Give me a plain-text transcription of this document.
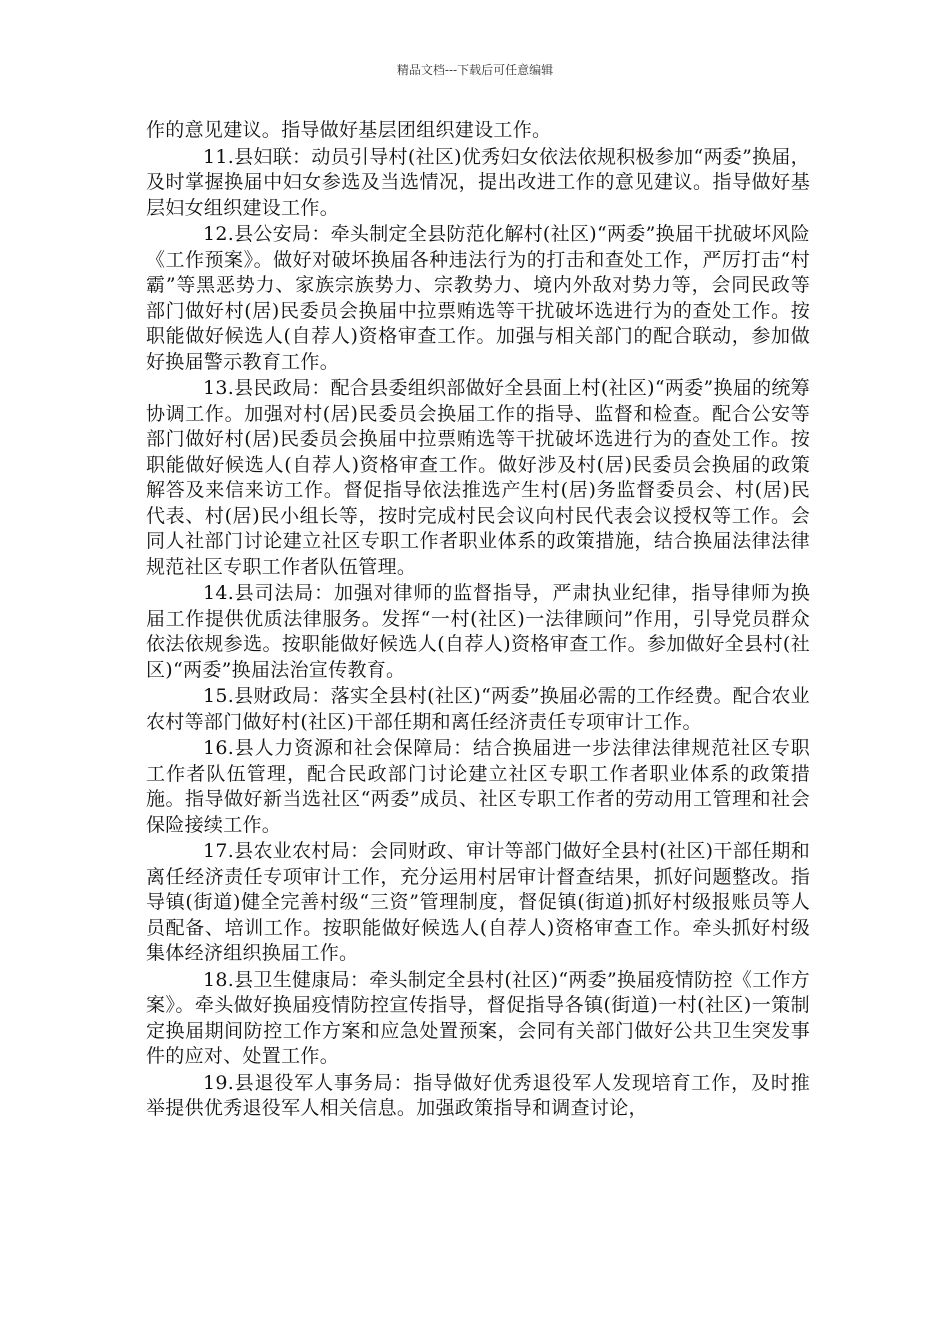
精品文档---下载后可任意编辑

作的意见建议。指导做好基层团组织建设工作。

11.县妇联：动员引导村(社区)优秀妇女依法依规积极参加“两委”换届，及时掌握换届中妇女参选及当选情况，提出改进工作的意见建议。指导做好基层妇女组织建设工作。

12.县公安局：牵头制定全县防范化解村(社区)“两委”换届干扰破坏风险《工作预案》。做好对破坏换届各种违法行为的打击和查处工作，严厉打击“村霸”等黑恶势力、家族宗族势力、宗教势力、境内外敌对势力等，会同民政等部门做好村(居)民委员会换届中拉票贿选等干扰破坏选进行为的查处工作。按职能做好候选人(自荐人)资格审查工作。加强与相关部门的配合联动，参加做好换届警示教育工作。

13.县民政局：配合县委组织部做好全县面上村(社区)“两委”换届的统筹协调工作。加强对村(居)民委员会换届工作的指导、监督和检查。配合公安等部门做好村(居)民委员会换届中拉票贿选等干扰破坏选进行为的查处工作。按职能做好候选人(自荐人)资格审查工作。做好涉及村(居)民委员会换届的政策解答及来信来访工作。督促指导依法推选产生村(居)务监督委员会、村(居)民代表、村(居)民小组长等，按时完成村民会议向村民代表会议授权等工作。会同人社部门讨论建立社区专职工作者职业体系的政策措施，结合换届法律法律规范社区专职工作者队伍管理。

14.县司法局：加强对律师的监督指导，严肃执业纪律，指导律师为换届工作提供优质法律服务。发挥“一村(社区)一法律顾问”作用，引导党员群众依法依规参选。按职能做好候选人(自荐人)资格审查工作。参加做好全县村(社区)“两委”换届法治宣传教育。

15.县财政局：落实全县村(社区)“两委”换届必需的工作经费。配合农业农村等部门做好村(社区)干部任期和离任经济责任专项审计工作。

16.县人力资源和社会保障局：结合换届进一步法律法律规范社区专职工作者队伍管理，配合民政部门讨论建立社区专职工作者职业体系的政策措施。指导做好新当选社区“两委”成员、社区专职工作者的劳动用工管理和社会保险接续工作。

17.县农业农村局：会同财政、审计等部门做好全县村(社区)干部任期和离任经济责任专项审计工作，充分运用村居审计督查结果，抓好问题整改。指导镇(街道)健全完善村级“三资”管理制度，督促镇(街道)抓好村级报账员等人员配备、培训工作。按职能做好候选人(自荐人)资格审查工作。牵头抓好村级集体经济组织换届工作。

18.县卫生健康局：牵头制定全县村(社区)“两委”换届疫情防控《工作方案》。牵头做好换届疫情防控宣传指导，督促指导各镇(街道)一村(社区)一策制定换届期间防控工作方案和应急处置预案，会同有关部门做好公共卫生突发事件的应对、处置工作。

19.县退役军人事务局：指导做好优秀退役军人发现培育工作，及时推举提供优秀退役军人相关信息。加强政策指导和调查讨论，
